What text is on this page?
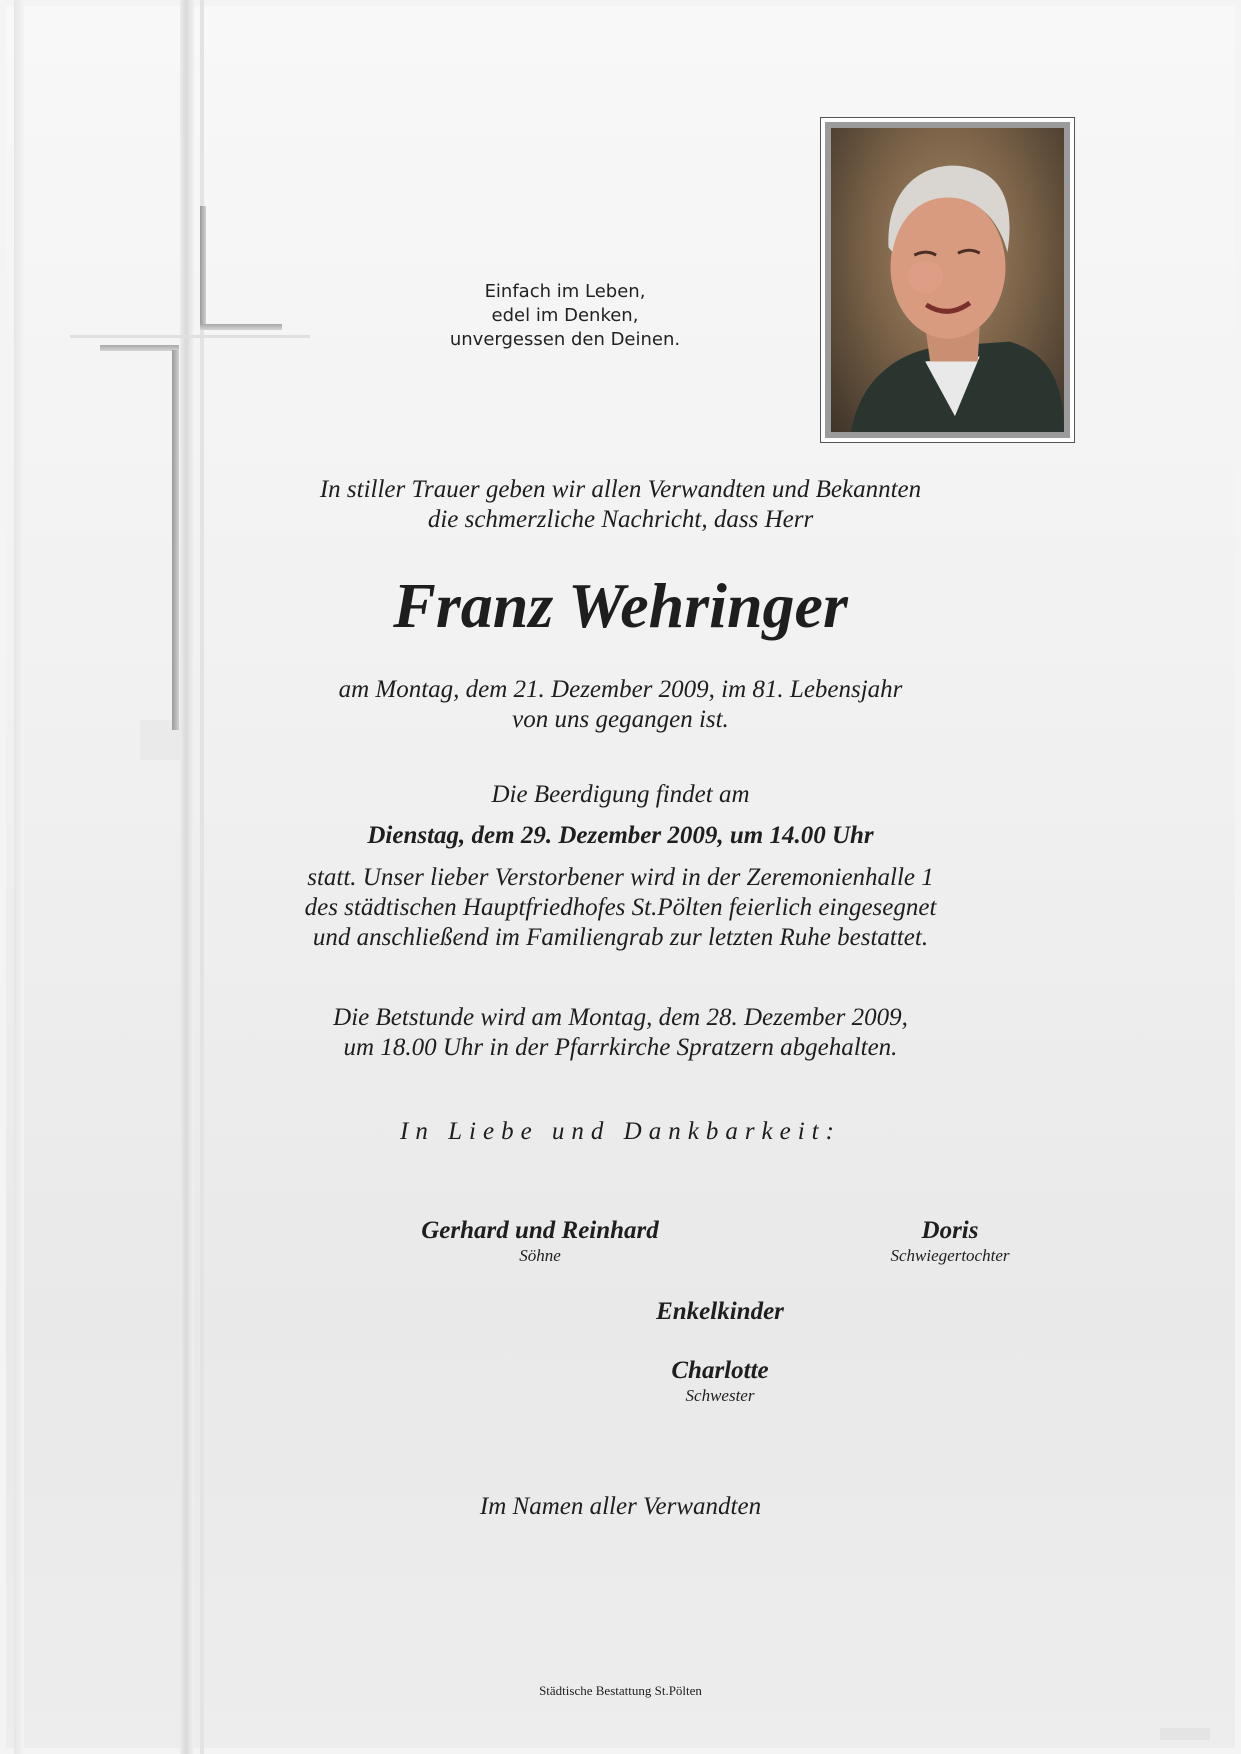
Einfach im Leben,
edel im Denken,
unvergessen den Deinen.
In stiller Trauer geben wir allen Verwandten und Bekannten
die schmerzliche Nachricht, dass Herr
Franz Wehringer
am Montag, dem 21. Dezember 2009, im 81. Lebensjahr
von uns gegangen ist.
Die Beerdigung findet am
Dienstag, dem 29. Dezember 2009, um 14.00 Uhr
statt. Unser lieber Verstorbener wird in der Zeremonienhalle 1
des städtischen Hauptfriedhofes St.Pölten feierlich eingesegnet
und anschließend im Familiengrab zur letzten Ruhe bestattet.
Die Betstunde wird am Montag, dem 28. Dezember 2009,
um 18.00 Uhr in der Pfarrkirche Spratzern abgehalten.
In Liebe und Dankbarkeit:
Gerhard und Reinhard
Söhne
Doris
Schwiegertochter
Enkelkinder
Charlotte
Schwester
Im Namen aller Verwandten
Städtische Bestattung St.Pölten
